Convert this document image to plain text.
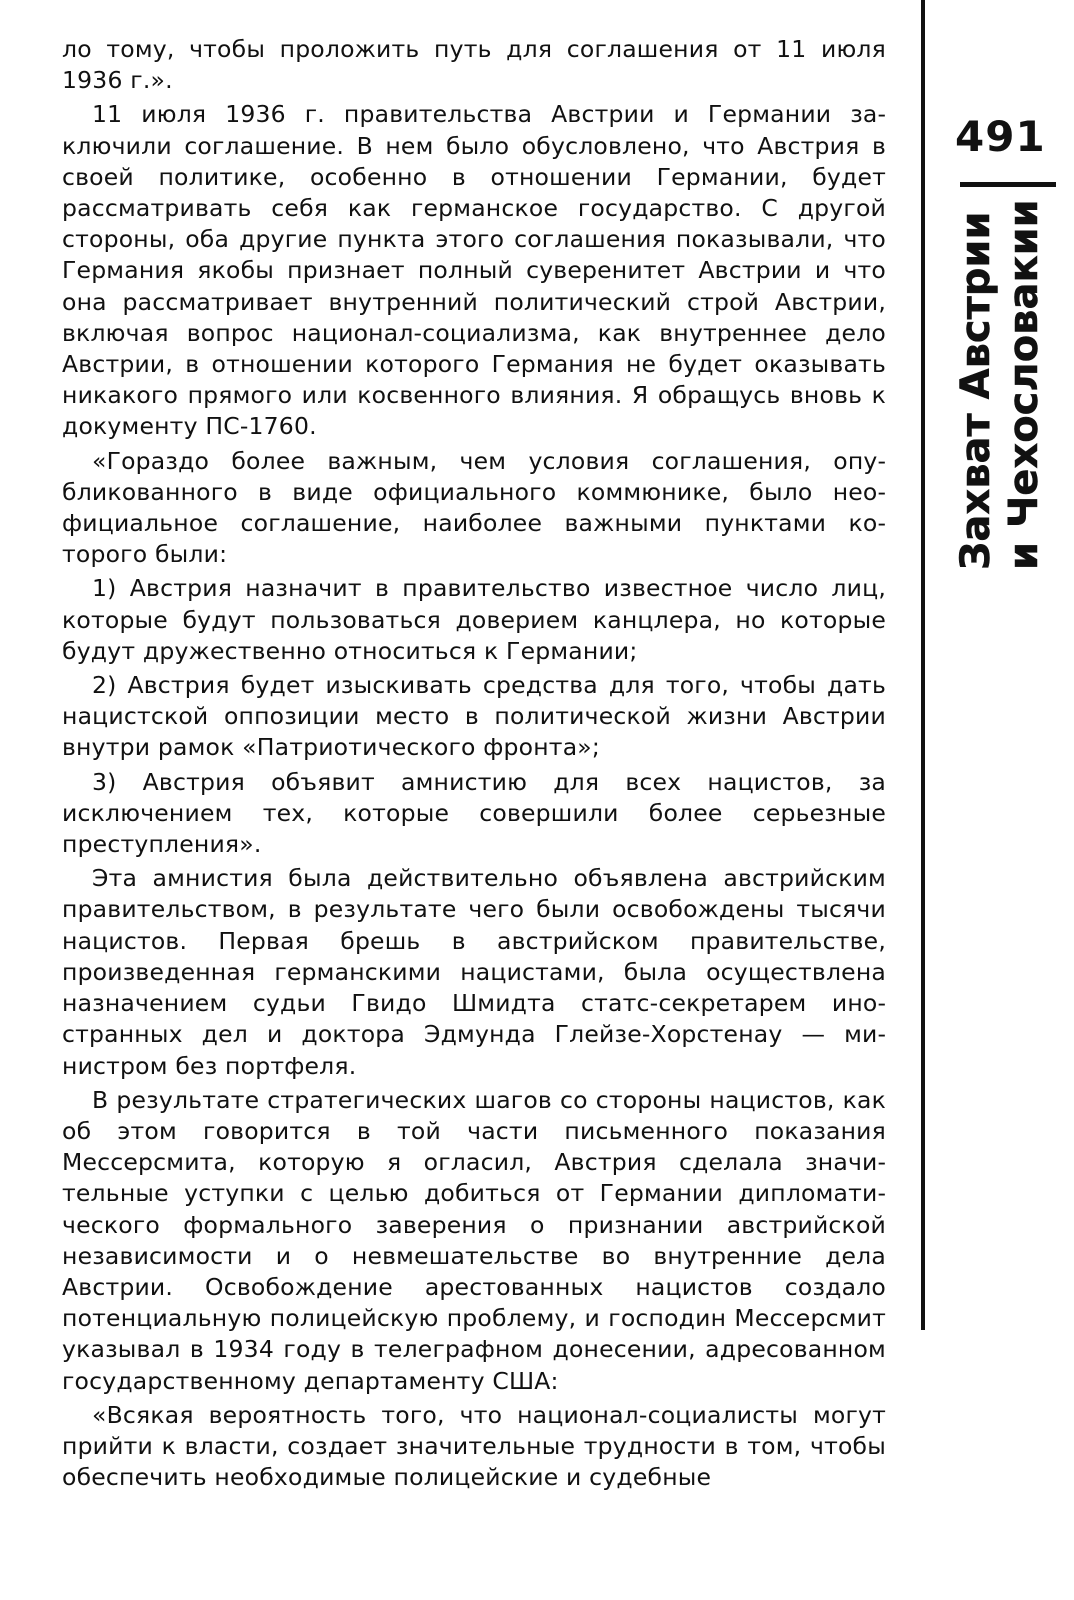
ло тому, чтобы проложить путь для соглашения от 11 июля 1936 г.».

11 июля 1936 г. правительства Австрии и Германии заключили соглашение. В нем было обусловлено, что Австрия в своей политике, особенно в отношении Германии, будет рассматривать себя как германское государство. С другой стороны, оба другие пункта этого соглашения показывали, что Германия якобы признает полный суверенитет Австрии и что она рассматривает внутренний политический строй Австрии, включая вопрос национал-социализма, как внутреннее дело Австрии, в отношении которого Германия не будет оказывать никакого прямого или косвенного влияния. Я обращусь вновь к документу ПС-1760.

«Гораздо более важным, чем условия соглашения, опубликованного в виде официального коммюнике, было неофициальное соглашение, наиболее важными пунктами которого были:

1) Австрия назначит в правительство известное число лиц, которые будут пользоваться доверием канцлера, но которые будут дружественно относиться к Германии;

2) Австрия будет изыскивать средства для того, чтобы дать нацистской оппозиции место в политической жизни Австрии внутри рамок «Патриотического фронта»;

3) Австрия объявит амнистию для всех нацистов, за исключением тех, которые совершили более серьезные преступления».

Эта амнистия была действительно объявлена австрийским правительством, в результате чего были освобождены тысячи нацистов. Первая брешь в австрийском правительстве, произведенная германскими нацистами, была осуществлена назначением судьи Гвидо Шмидта статс-секретарем иностранных дел и доктора Эдмунда Глейзе-Хорстенау — министром без портфеля.

В результате стратегических шагов со стороны нацистов, как об этом говорится в той части письменного показания Мессерсмита, которую я огласил, Австрия сделала значительные уступки с целью добиться от Германии дипломатического формального заверения о признании австрийской независимости и о невмешательстве во внутренние дела Австрии. Освобождение арестованных нацистов создало потенциальную полицейскую проблему, и господин Мессерсмит указывал в 1934 году в телеграфном донесении, адресованном государственному департаменту США:

«Всякая вероятность того, что национал-социалисты могут прийти к власти, создает значительные трудности в том, чтобы обеспечить необходимые полицейские и судебные

491
Захват Австрии и Чехословакии
